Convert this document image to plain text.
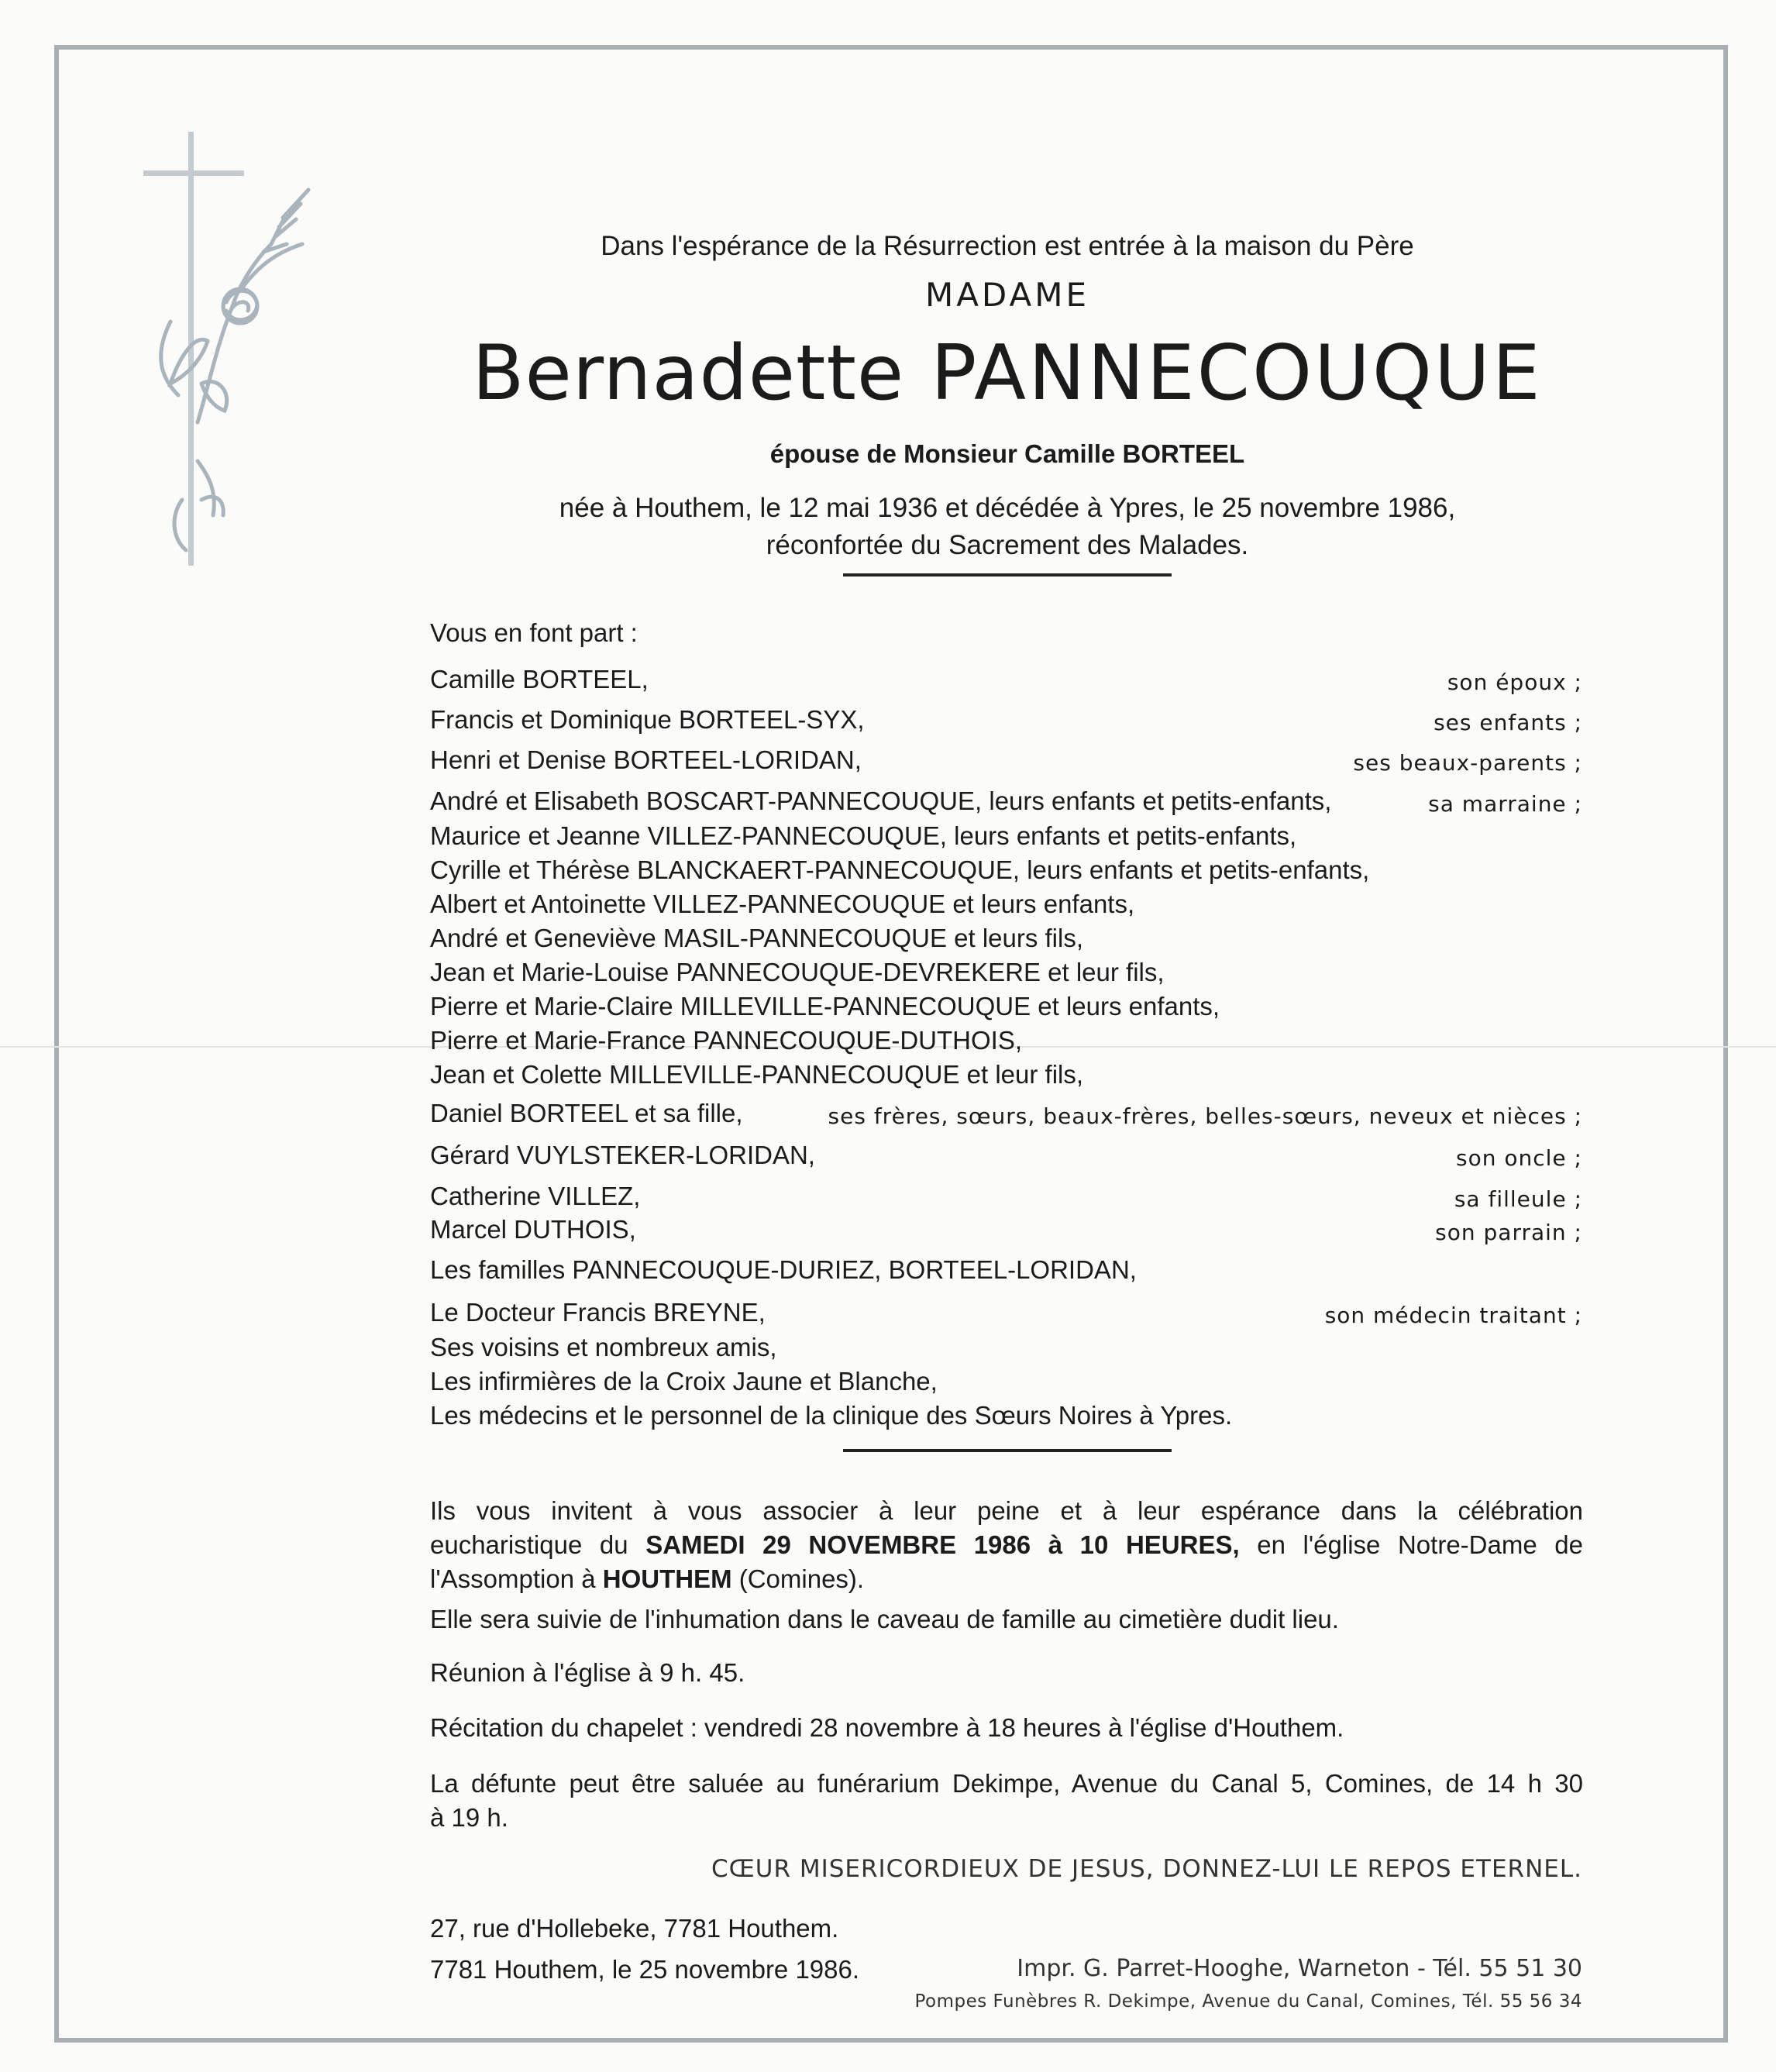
Dans l'espérance de la Résurrection est entrée à la maison du Père
MADAME
Bernadette PANNECOUQUE
épouse de Monsieur Camille BORTEEL
née à Houthem, le 12 mai 1936 et décédée à Ypres, le 25 novembre 1986,
réconfortée du Sacrement des Malades.
Vous en font part :
Camille BORTEEL,	son époux ;
Francis et Dominique BORTEEL-SYX,	ses enfants ;
Henri et Denise BORTEEL-LORIDAN,	ses beaux-parents ;
André et Elisabeth BOSCART-PANNECOUQUE, leurs enfants et petits-enfants,	sa marraine ;
Maurice et Jeanne VILLEZ-PANNECOUQUE, leurs enfants et petits-enfants,
Cyrille et Thérèse BLANCKAERT-PANNECOUQUE, leurs enfants et petits-enfants,
Albert et Antoinette VILLEZ-PANNECOUQUE et leurs enfants,
André et Geneviève MASIL-PANNECOUQUE et leurs fils,
Jean et Marie-Louise PANNECOUQUE-DEVREKERE et leur fils,
Pierre et Marie-Claire MILLEVILLE-PANNECOUQUE et leurs enfants,
Pierre et Marie-France PANNECOUQUE-DUTHOIS,
Jean et Colette MILLEVILLE-PANNECOUQUE et leur fils,
Daniel BORTEEL et sa fille,	ses frères, sœurs, beaux-frères, belles-sœurs, neveux et nièces ;
Gérard VUYLSTEKER-LORIDAN,	son oncle ;
Catherine VILLEZ,	sa filleule ;
Marcel DUTHOIS,	son parrain ;
Les familles PANNECOUQUE-DURIEZ, BORTEEL-LORIDAN,
Le Docteur Francis BREYNE,	son médecin traitant ;
Ses voisins et nombreux amis,
Les infirmières de la Croix Jaune et Blanche,
Les médecins et le personnel de la clinique des Sœurs Noires à Ypres.
Ils vous invitent à vous associer à leur peine et à leur espérance dans la célébration
eucharistique du SAMEDI 29 NOVEMBRE 1986 à 10 HEURES, en l'église Notre-Dame de
l'Assomption à HOUTHEM (Comines).
Elle sera suivie de l'inhumation dans le caveau de famille au cimetière dudit lieu.
Réunion à l'église à 9 h. 45.
Récitation du chapelet : vendredi 28 novembre à 18 heures à l'église d'Houthem.
La défunte peut être saluée au funérarium Dekimpe, Avenue du Canal 5, Comines, de 14 h 30
à 19 h.
CŒUR MISERICORDIEUX DE JESUS, DONNEZ-LUI LE REPOS ETERNEL.
27, rue d'Hollebeke, 7781 Houthem.
7781 Houthem, le 25 novembre 1986.	Impr. G. Parret-Hooghe, Warneton - Tél. 55 51 30
Pompes Funèbres R. Dekimpe, Avenue du Canal, Comines, Tél. 55 56 34
